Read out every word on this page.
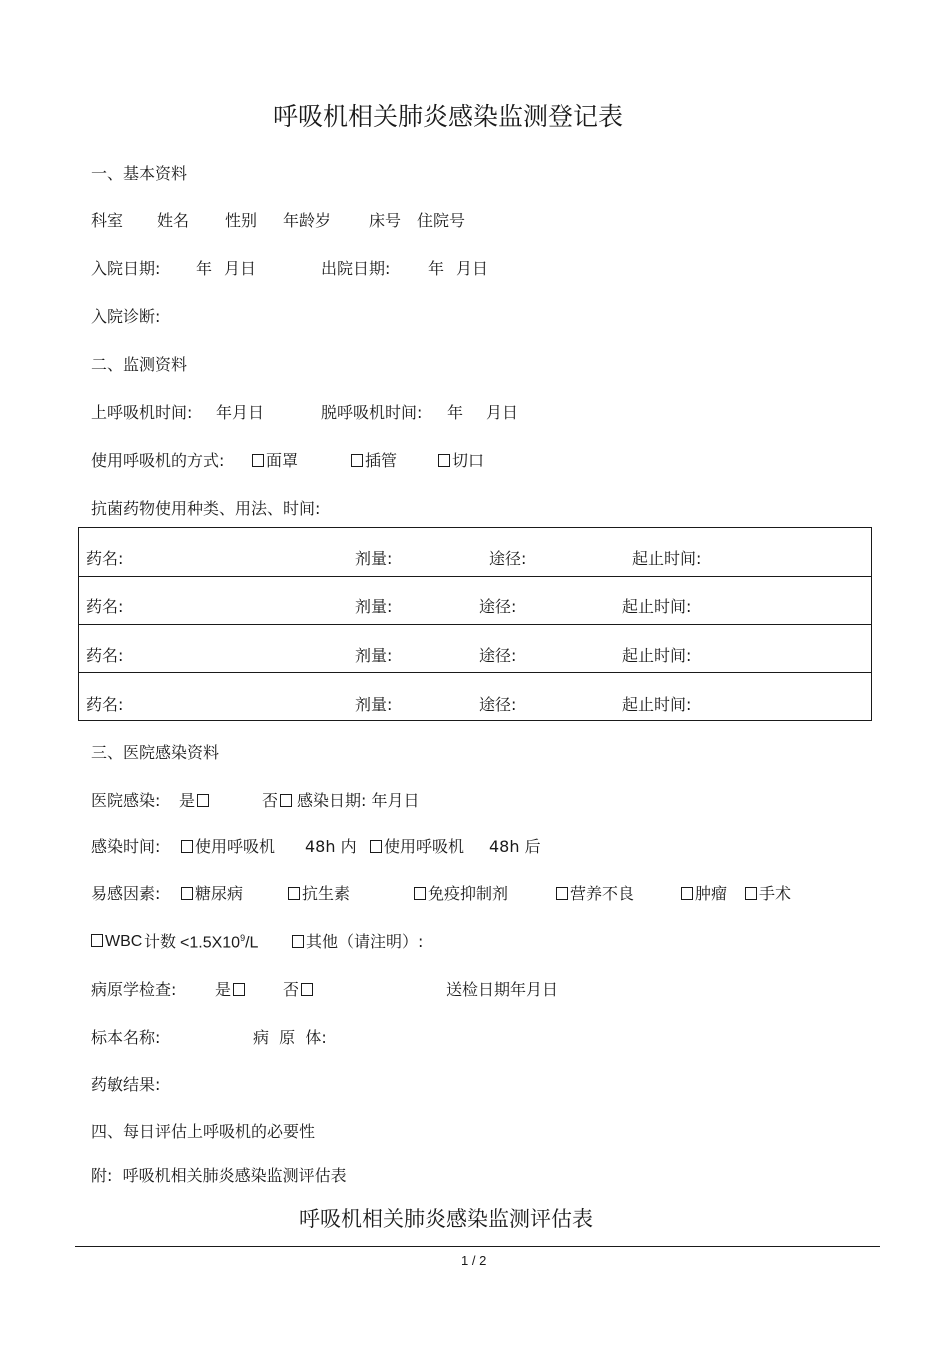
呼吸机相关肺炎感染监测登记表
一、基本资料
科室 姓名 性别 年龄岁 床号 住院号
入院日期: 年 月日	出院日期: 年 月日
入院诊断:
二、监测资料
上呼吸机时间: 年月日	脱呼吸机时间: 年 月日
使用呼吸机的方式:	面罩	插管	切口
抗菌药物使用种类、用法、时间:
药名:	剂量:	途径:	起止时间:
药名:	剂量:	途径:	起止时间:
药名:	剂量:	途径:	起止时间:
药名:	剂量:	途径:	起止时间:
三、医院感染资料
医院感染: 是	否	感染日期: 年月日
感染时间:	使用呼吸机 48h 内	使用呼吸机 48h 后
易感因素:	糖尿病	抗生素	免疫抑制剂	营养不良	肿瘤	手术
WBC 计数 $<1.5X10^9/L$	其他（请注明）:
病原学检查: 是	否	送检日期年月日
标本名称:	病  原  体:
药敏结果:
四、每日评估上呼吸机的必要性
附:  呼吸机相关肺炎感染监测评估表
呼吸机相关肺炎感染监测评估表
1 / 2
